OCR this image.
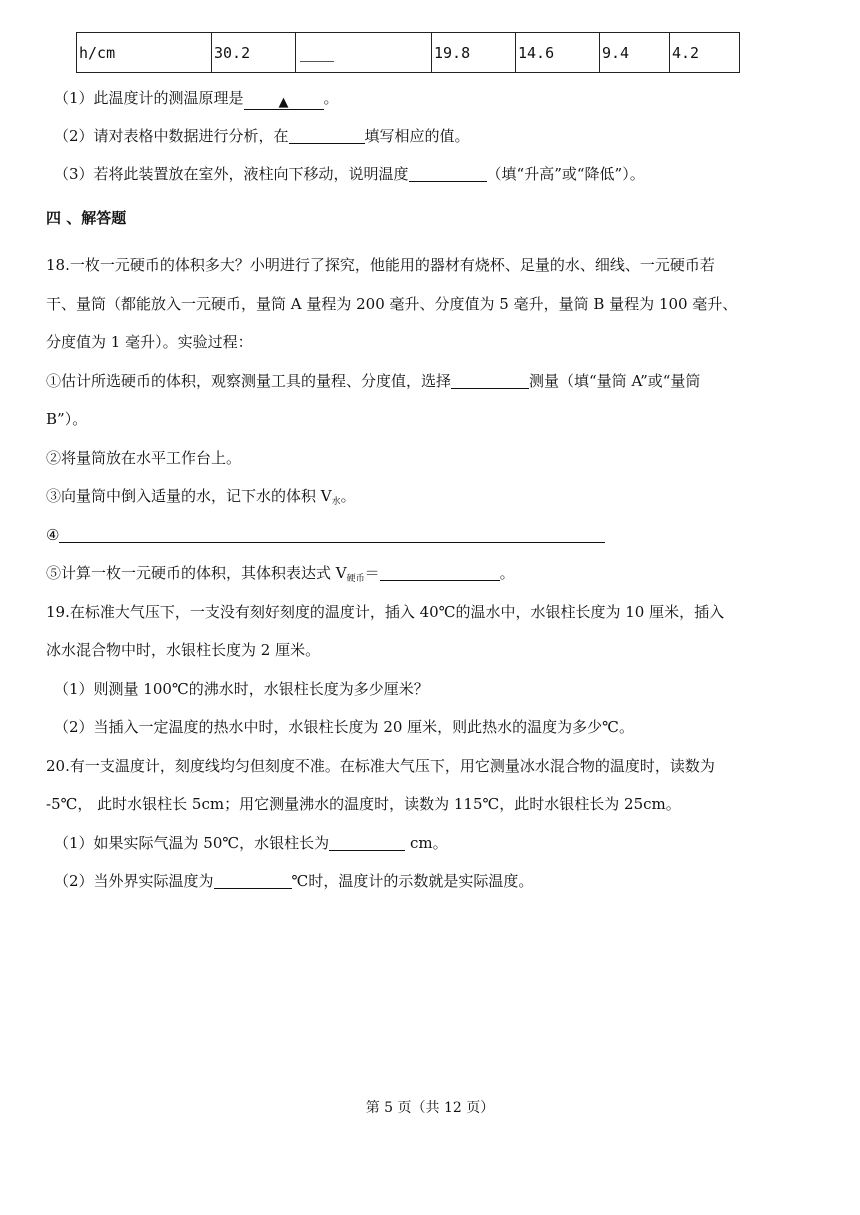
h/cm	30.2		19.8	14.6	9.4	4.2
（1）此温度计的测温原理是	▲ 。
（2）请对表格中数据进行分析，在	填写相应的值。
（3）若将此装置放在室外，液柱向下移动，说明温度	（填“升高”或“降低”）。
四 、解答题
18.一枚一元硬币的体积多大？小明进行了探究，他能用的器材有烧杯、足量的水、细线、一元硬币若
干、量筒（都能放入一元硬币，量筒 A 量程为 200 毫升、分度值为 5 毫升，量筒 B 量程为 100 毫升、
分度值为 1 毫升）。实验过程：
①估计所选硬币的体积，观察测量工具的量程、分度值，选择	测量（填“量筒 A”或“量筒
B”）。
②将量筒放在水平工作台上。
③向量筒中倒入适量的水，记下水的体积 $V_水$。
④
⑤计算一枚一元硬币的体积，其体积表达式 $V_{硬币}=$	。
19.在标准大气压下，一支没有刻好刻度的温度计，插入 40℃的温水中，水银柱长度为 10 厘米，插入
冰水混合物中时，水银柱长度为 2 厘米。
（1）则测量 100℃的沸水时，水银柱长度为多少厘米？
（2）当插入一定温度的热水中时，水银柱长度为 20 厘米，则此热水的温度为多少℃。
20.有一支温度计，刻度线均匀但刻度不准。在标准大气压下，用它测量冰水混合物的温度时，读数为
-5℃， 此时水银柱长 5cm；用它测量沸水的温度时，读数为 115℃，此时水银柱长为 25cm。
（1）如果实际气温为 50℃，水银柱长为	cm。
（2）当外界实际温度为	℃时，温度计的示数就是实际温度。
第 5 页（共 12 页）
